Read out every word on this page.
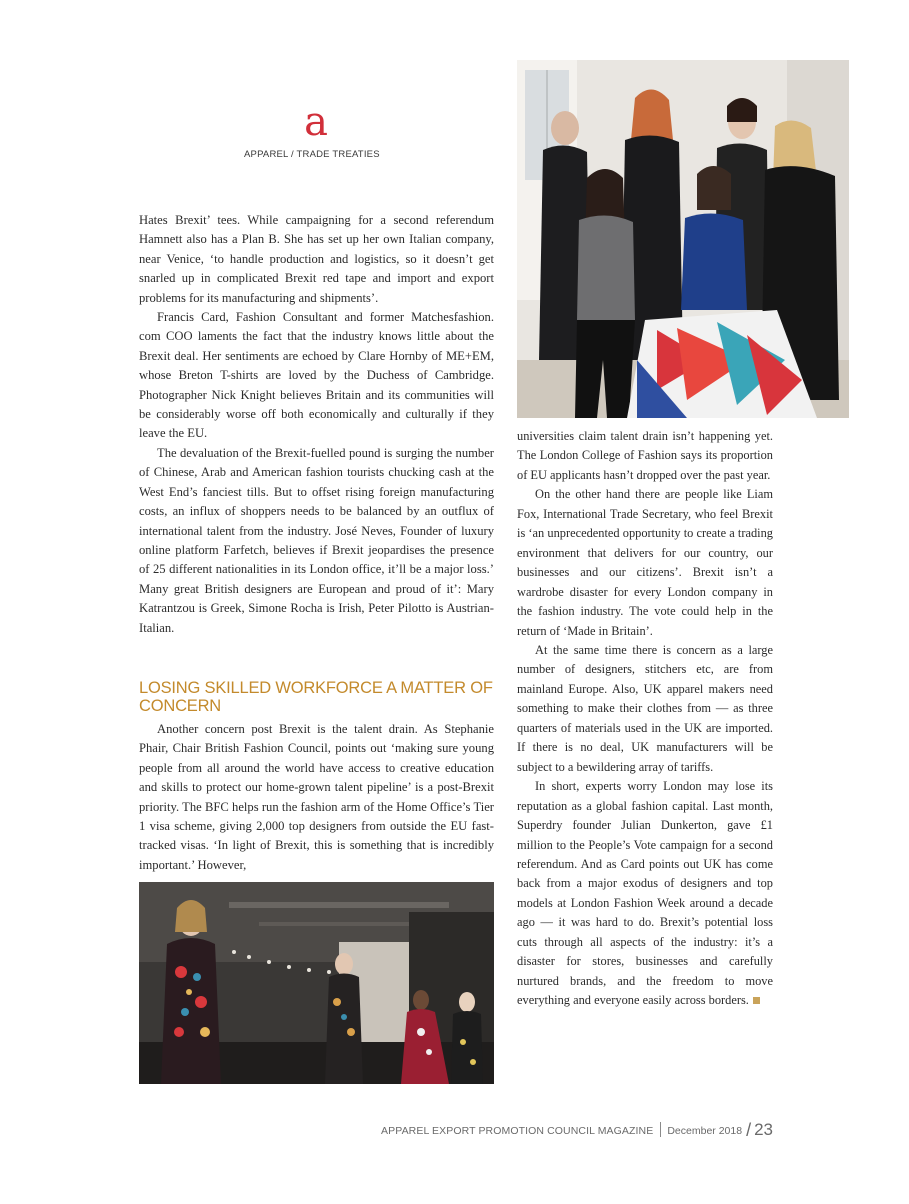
a
APPAREL / TRADE TREATIES

Hates Brexit’ tees. While campaigning for a second referendum Hamnett also has a Plan B. She has set up her own Italian company, near Venice, ‘to handle production and logistics, so it doesn’t get snarled up in complicated Brexit red tape and import and export problems for its manufacturing and shipments’.

Francis Card, Fashion Consultant and former Matchesfashion. com COO laments the fact that the industry knows little about the Brexit deal. Her sentiments are echoed by Clare Hornby of ME+EM, whose Breton T-shirts are loved by the Duchess of Cambridge. Photographer Nick Knight believes Britain and its communities will be considerably worse off both economically and culturally if they leave the EU.

The devaluation of the Brexit-fuelled pound is surging the number of Chinese, Arab and American fashion tourists chucking cash at the West End’s fanciest tills. But to offset rising foreign manufacturing costs, an influx of shoppers needs to be balanced by an outflux of international talent from the industry. José Neves, Founder of luxury online platform Farfetch, believes if Brexit jeopardises the presence of 25 different nationalities in its London office, it’ll be a major loss.’ Many great British designers are European and proud of it’: Mary Katrantzou is Greek, Simone Rocha is Irish, Peter Pilotto is Austrian-Italian.

LOSING SKILLED WORKFORCE A MATTER OF CONCERN

Another concern post Brexit is the talent drain. As Stephanie Phair, Chair British Fashion Council, points out ‘making sure young people from all around the world have access to creative education and skills to protect our home-grown talent pipeline’ is a post-Brexit priority. The BFC helps run the fashion arm of the Home Office’s Tier 1 visa scheme, giving 2,000 top designers from outside the EU fast-tracked visas. ‘In light of Brexit, this is something that is incredibly important.’ However,

universities claim talent drain isn’t happening yet. The London College of Fashion says its proportion of EU applicants hasn’t dropped over the past year.

On the other hand there are people like Liam Fox, International Trade Secretary, who feel Brexit is ‘an unprecedented opportunity to create a trading environment that delivers for our country, our businesses and our citizens’. Brexit isn’t a wardrobe disaster for every London company in the fashion industry. The vote could help in the return of ‘Made in Britain’.

At the same time there is concern as a large number of designers, stitchers etc, are from mainland Europe. Also, UK apparel makers need something to make their clothes from — as three quarters of materials used in the UK are imported. If there is no deal, UK manufacturers will be subject to a bewildering array of tariffs.

In short, experts worry London may lose its reputation as a global fashion capital. Last month, Superdry founder Julian Dunkerton, gave £1 million to the People’s Vote campaign for a second referendum. And as Card points out UK has come back from a major exodus of designers and top models at London Fashion Week around a decade ago — it was hard to do. Brexit’s potential loss cuts through all aspects of the industry: it’s a disaster for stores, businesses and carefully nurtured brands, and the freedom to move everything and everyone easily across borders.

APPAREL EXPORT PROMOTION COUNCIL MAGAZINE December 2018 / 23
